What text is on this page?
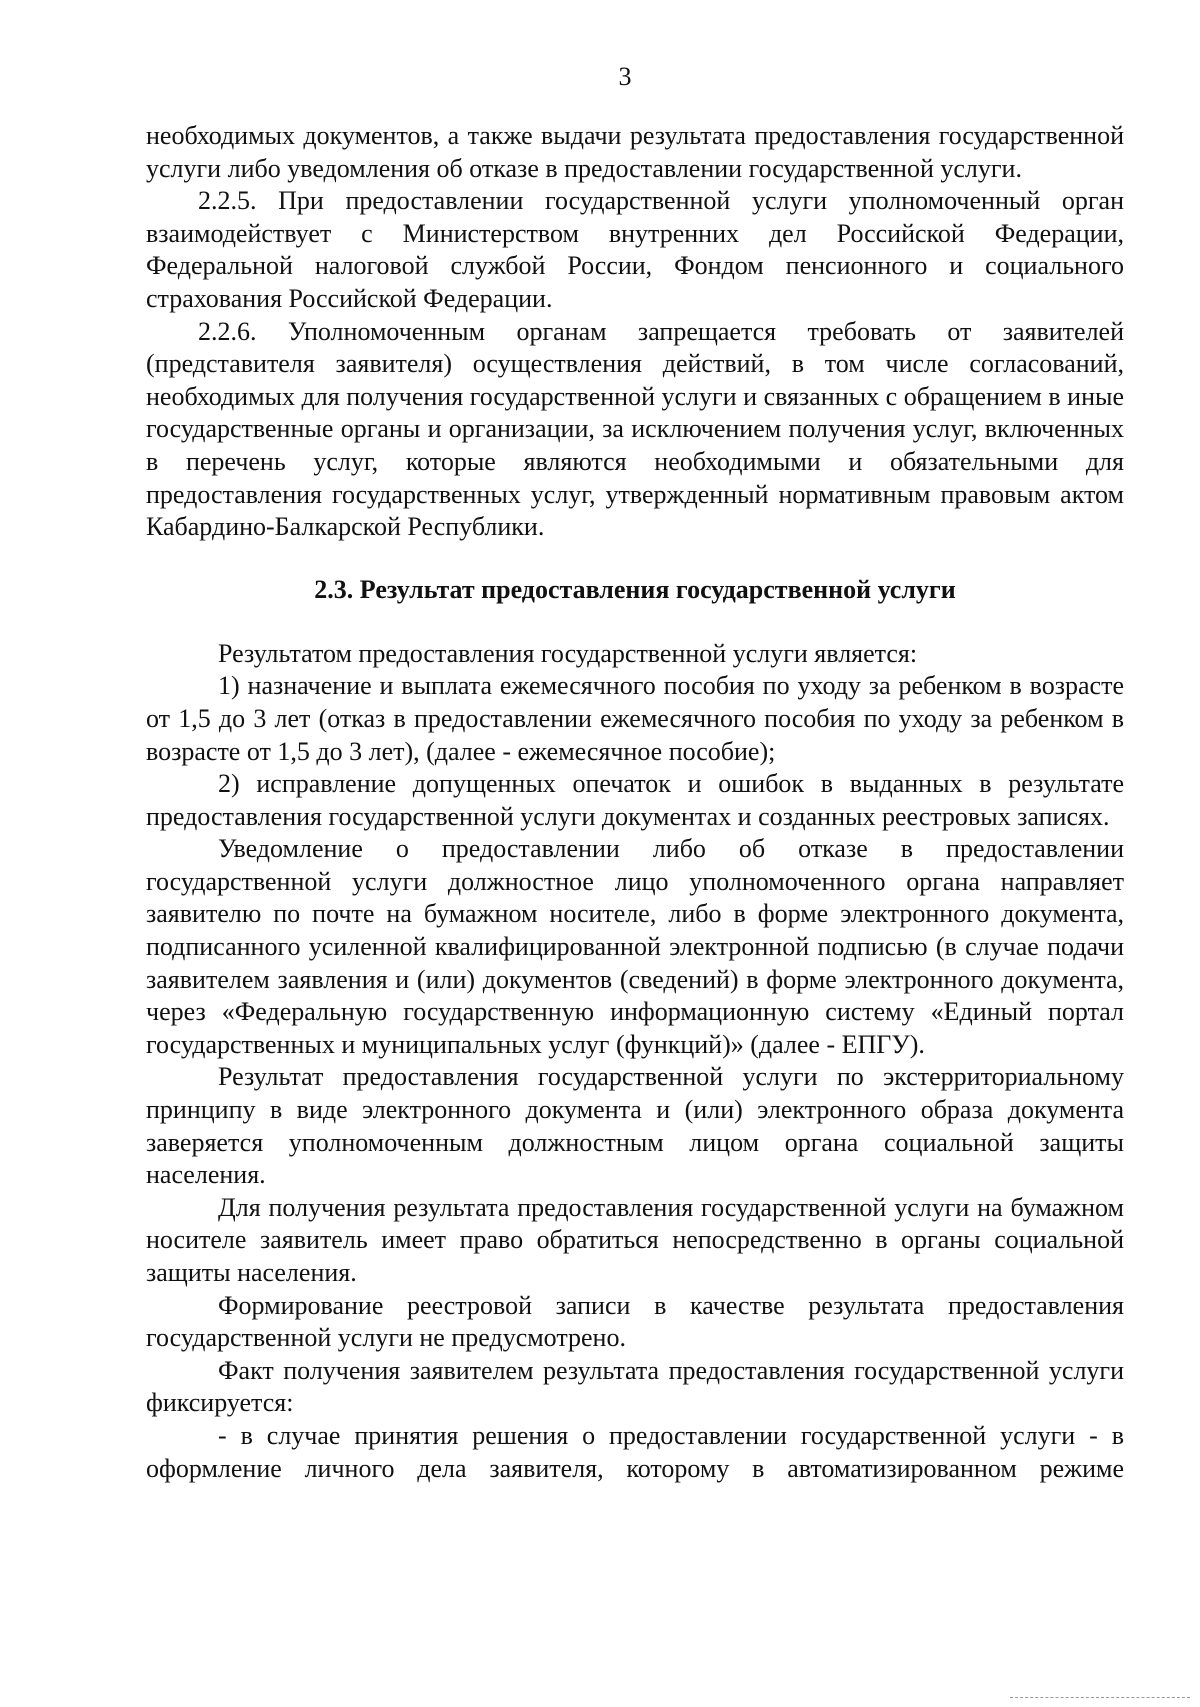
3

необходимых документов, а также выдачи результата предоставления государственной услуги либо уведомления об отказе в предоставлении государственной услуги.

2.2.5. При предоставлении государственной услуги уполномоченный орган взаимодействует с Министерством внутренних дел Российской Федерации, Федеральной налоговой службой России, Фондом пенсионного и социального страхования Российской Федерации.

2.2.6. Уполномоченным органам запрещается требовать от заявителей (представителя заявителя) осуществления действий, в том числе согласований, необходимых для получения государственной услуги и связанных с обращением в иные государственные органы и организации, за исключением получения услуг, включенных в перечень услуг, которые являются необходимыми и обязательными для предоставления государственных услуг, утвержденный нормативным правовым актом Кабардино-Балкарской Республики.

2.3. Результат предоставления государственной услуги

Результатом предоставления государственной услуги является:

1) назначение и выплата ежемесячного пособия по уходу за ребенком в возрасте от 1,5 до 3 лет (отказ в предоставлении ежемесячного пособия по уходу за ребенком в возрасте от 1,5 до 3 лет), (далее - ежемесячное пособие);

2) исправление допущенных опечаток и ошибок в выданных в результате предоставления государственной услуги документах и созданных реестровых записях.

Уведомление о предоставлении либо об отказе в предоставлении государственной услуги должностное лицо уполномоченного органа направляет заявителю по почте на бумажном носителе, либо в форме электронного документа, подписанного усиленной квалифицированной электронной подписью (в случае подачи заявителем заявления и (или) документов (сведений) в форме электронного документа, через «Федеральную государственную информационную систему «Единый портал государственных и муниципальных услуг (функций)» (далее - ЕПГУ).

Результат предоставления государственной услуги по экстерриториальному принципу в виде электронного документа и (или) электронного образа документа заверяется уполномоченным должностным лицом органа социальной защиты населения.

Для получения результата предоставления государственной услуги на бумажном носителе заявитель имеет право обратиться непосредственно в органы социальной защиты населения.

Формирование реестровой записи в качестве результата предоставления государственной услуги не предусмотрено.

Факт получения заявителем результата предоставления государственной услуги фиксируется:

- в случае принятия решения о предоставлении государственной услуги - в оформление личного дела заявителя, которому в автоматизированном режиме
